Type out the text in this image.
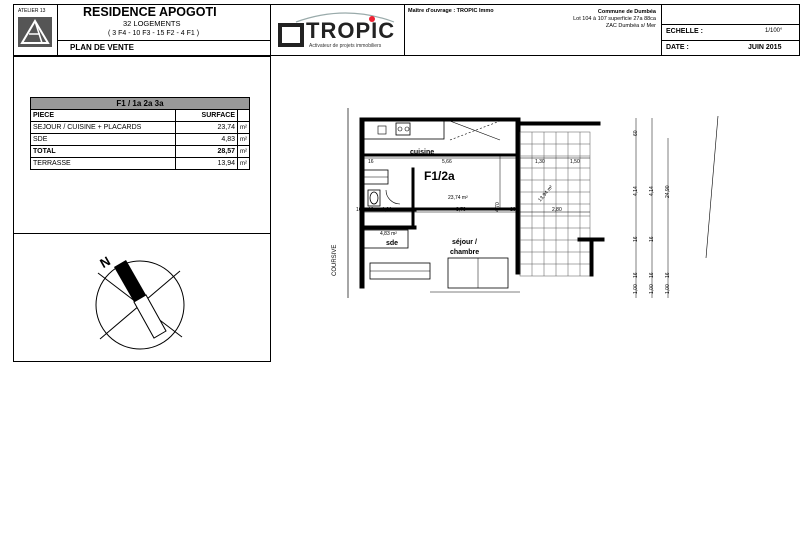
ATELIER 13	RESIDENCE APOGOTI
32 LOGEMENTS
( 3 F4 - 10 F3 - 15 F2 - 4 F1 )
PLAN DE VENTE
TROPIC
Activateur de projets immobiliers
Maître d'ouvrage : TROPIC Immo	Commune de Dumbéa
Lot 104 à 107 superficie 27a 88ca
ZAC Dumbéa s/ Mer
ECHELLE :	1/100°
DATE :	JUIN 2015
F1 / 1a 2a 3a		
PIECE	SURFACE	
SEJOUR / CUISINE + PLACARDS	23,74	m²
SDE	4,83	m²
TOTAL	28,57	m²
TERRASSE	13,94	m²
N
F1/2a
cuisine
sde	séjour /
chambre
COURSIVE
23,74 m²
4,83 m²
13,94 m²
16	5,66	1,30	1,50
16 16 1,61	3,79	4,70 16	2,80
60
4,14 4,14 24,90
16 16
16 16 16
1,00 1,00 1,00
